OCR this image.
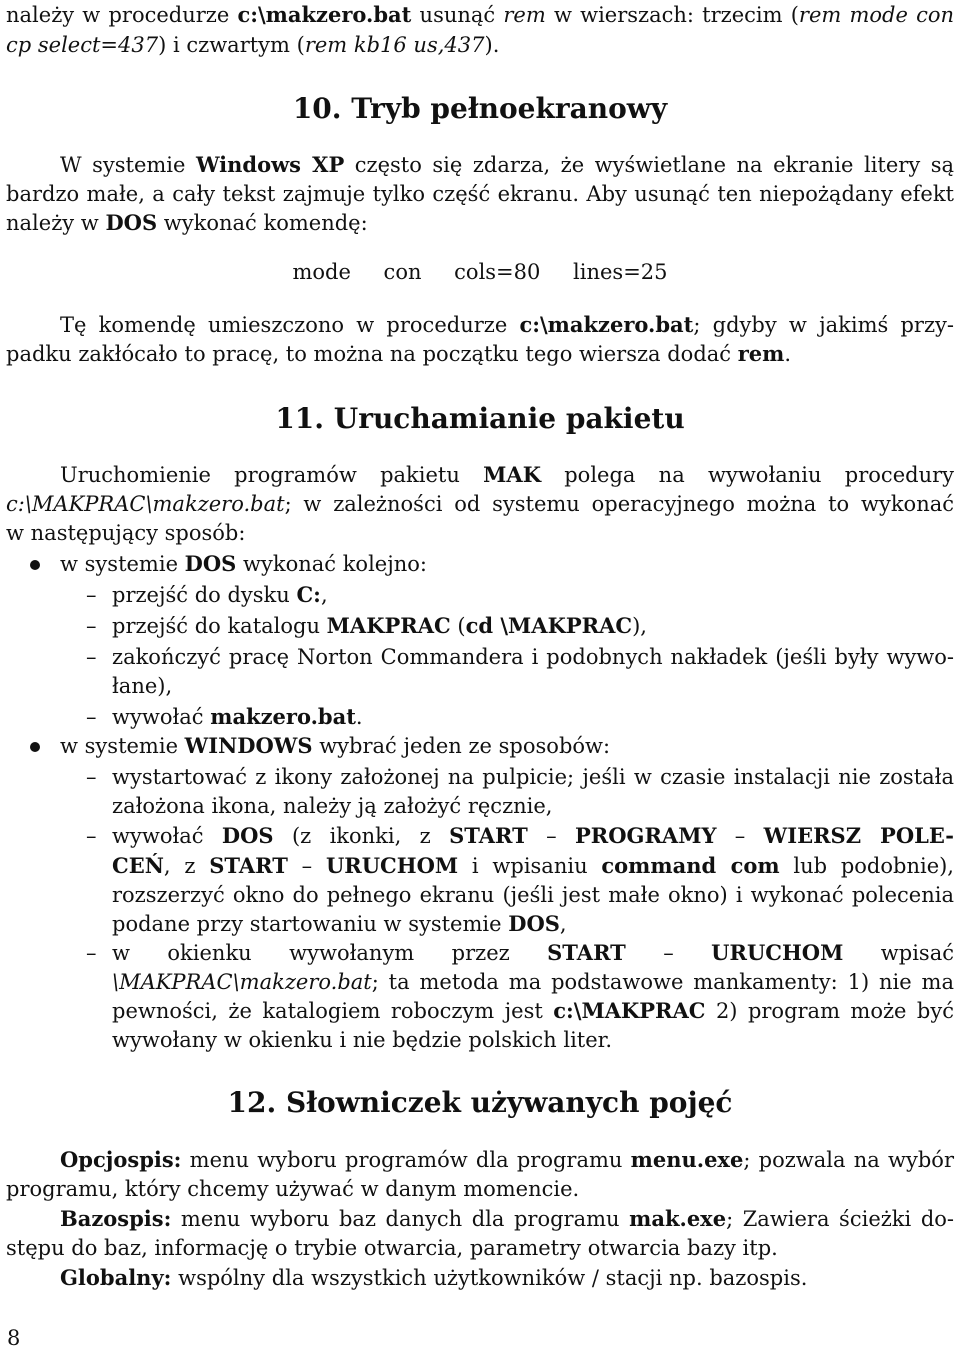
należy w procedurze c:\makzero.bat usunąć rem w wierszach: trzecim (rem mode con
cp select=437) i czwartym (rem kb16 us,437).
10. Tryb pełnoekranowy
W systemie Windows XP często się zdarza, że wyświetlane na ekranie litery są
bardzo małe, a cały tekst zajmuje tylko część ekranu. Aby usunąć ten niepożądany efekt
należy w DOS wykonać komendę:
mode con cols=80 lines=25
Tę komendę umieszczono w procedurze c:\makzero.bat; gdyby w jakimś przy-
padku zakłócało to pracę, to można na początku tego wiersza dodać rem.
11. Uruchamianie pakietu
Uruchomienie programów pakietu MAK polega na wywołaniu procedury
c:\MAKPRAC\makzero.bat; w zależności od systemu operacyjnego można to wykonać
w następujący sposób:
w systemie DOS wykonać kolejno:
– przejść do dysku C:,
– przejść do katalogu MAKPRAC (cd \MAKPRAC),
– zakończyć pracę Norton Commandera i podobnych nakładek (jeśli były wywo-
łane),
– wywołać makzero.bat.
w systemie WINDOWS wybrać jeden ze sposobów:
– wystartować z ikony założonej na pulpicie; jeśli w czasie instalacji nie została
założona ikona, należy ją założyć ręcznie,
– wywołać DOS (z ikonki, z START – PROGRAMY – WIERSZ POLE-
CEŃ, z START – URUCHOM i wpisaniu command com lub podobnie),
rozszerzyć okno do pełnego ekranu (jeśli jest małe okno) i wykonać polecenia
podane przy startowaniu w systemie DOS,
– w okienku wywołanym przez START – URUCHOM wpisać
\MAKPRAC\makzero.bat; ta metoda ma podstawowe mankamenty: 1) nie ma
pewności, że katalogiem roboczym jest c:\MAKPRAC 2) program może być
wywołany w okienku i nie będzie polskich liter.
12. Słowniczek używanych pojęć
Opcjospis: menu wyboru programów dla programu menu.exe; pozwala na wybór
programu, który chcemy używać w danym momencie.
Bazospis: menu wyboru baz danych dla programu mak.exe; Zawiera ścieżki do-
stępu do baz, informację o trybie otwarcia, parametry otwarcia bazy itp.
Globalny: wspólny dla wszystkich użytkowników / stacji np. bazospis.
8
